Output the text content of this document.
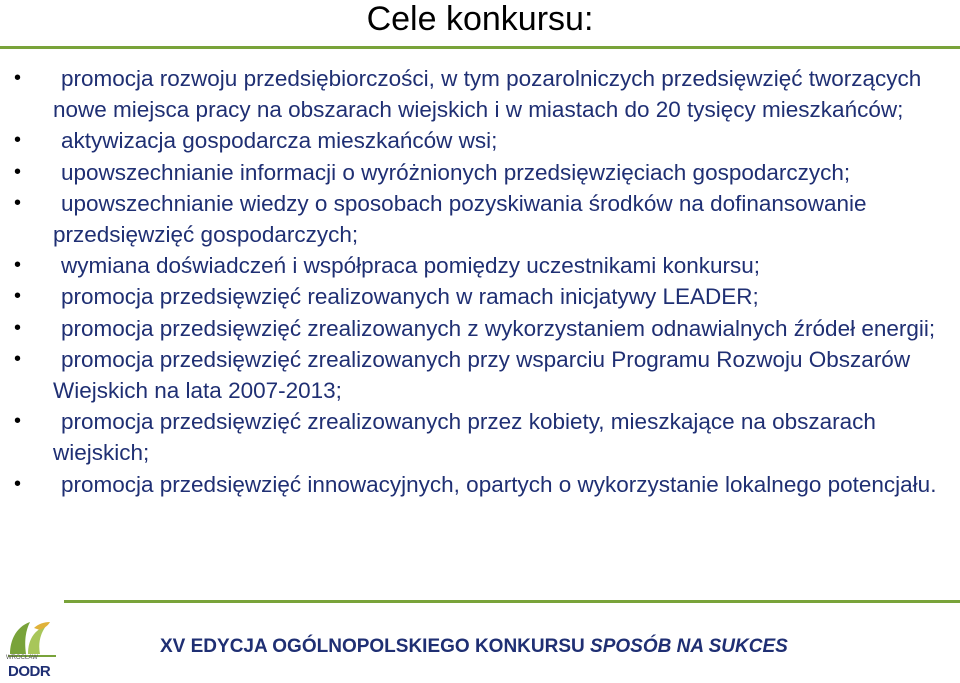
Cele konkursu:
•	promocja rozwoju przedsiębiorczości, w tym pozarolniczych przedsięwzięć tworzących nowe miejsca pracy na obszarach wiejskich i w miastach do 20 tysięcy mieszkańców;
•	aktywizacja gospodarcza mieszkańców wsi;
•	upowszechnianie informacji o wyróżnionych przedsięwzięciach gospodarczych;
•	upowszechnianie wiedzy o sposobach pozyskiwania środków na dofinansowanie przedsięwzięć gospodarczych;
•	wymiana doświadczeń i współpraca pomiędzy uczestnikami konkursu;
•	promocja przedsięwzięć realizowanych w ramach inicjatywy LEADER;
•	promocja przedsięwzięć zrealizowanych z wykorzystaniem odnawialnych źródeł energii;
•	promocja przedsięwzięć zrealizowanych przy wsparciu Programu Rozwoju Obszarów Wiejskich na lata 2007-2013;
•	promocja przedsięwzięć zrealizowanych przez kobiety, mieszkające na obszarach wiejskich;
•	promocja przedsięwzięć innowacyjnych, opartych o wykorzystanie lokalnego potencjału.
WROCŁAW
DODR
XV EDYCJA OGÓLNOPOLSKIEGO KONKURSU SPOSÓB NA SUKCES
